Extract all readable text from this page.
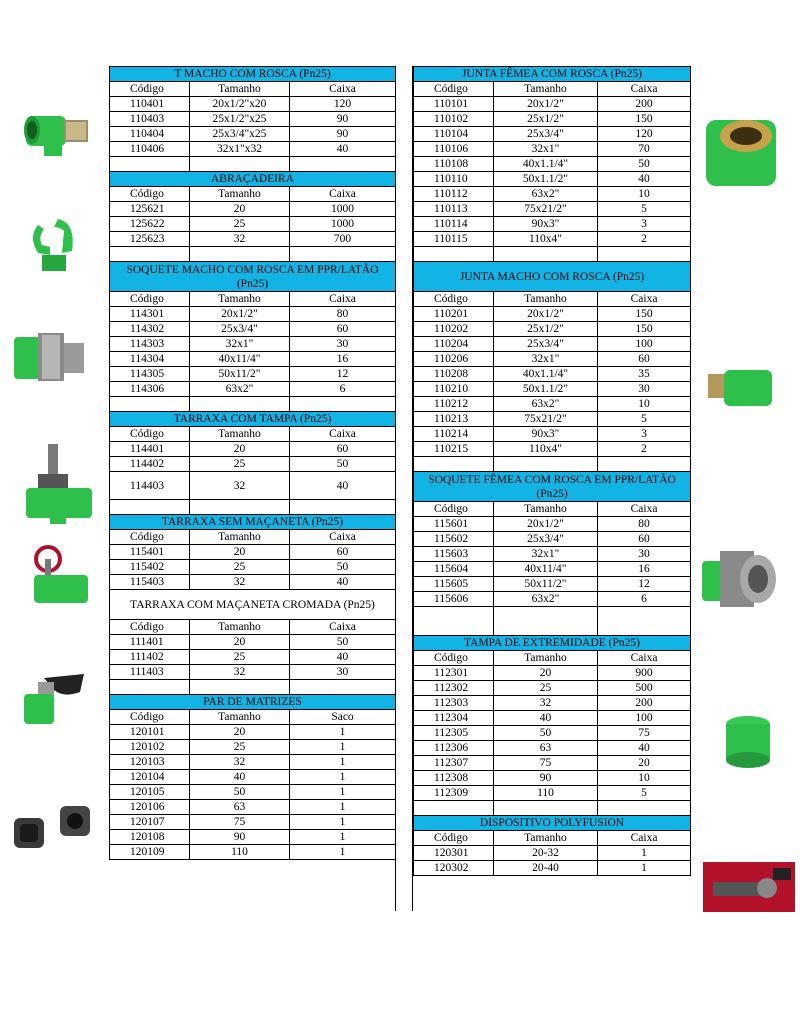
T MACHO COM ROSCA (Pn25)		
Código	Tamanho	Caixa
110401	20x1/2"x20	120
110403	25x1/2"x25	90
110404	25x3/4"x25	90
110406	32x1"x32	40

ABRAÇADEIRA		
Código	Tamanho	Caixa
125621	20	1000
125622	25	1000
125623	32	700

SOQUETE MACHO COM ROSCA EM PPR/LATÃO (Pn25)		
Código	Tamanho	Caixa
114301	20x1/2"	80
114302	25x3/4"	60
114303	32x1"	30
114304	40x11/4"	16
114305	50x11/2"	12
114306	63x2"	6

TARRAXA COM TAMPA (Pn25)		
Código	Tamanho	Caixa
114401	20	60
114402	25	50
114403	32	40

TARRAXA SEM MAÇANETA (Pn25)		
Código	Tamanho	Caixa
115401	20	60
115402	25	50
115403	32	40
TARRAXA COM MAÇANETA CROMADA (Pn25)		
Código	Tamanho	Caixa
111401	20	50
111402	25	40
111403	32	30

PAR DE MATRIZES		
Código	Tamanho	Saco
120101	20	1
120102	25	1
120103	32	1
120104	40	1
120105	50	1
120106	63	1
120107	75	1
120108	90	1
120109	110	1
JUNTA FÊMEA COM ROSCA (Pn25)		
Código	Tamanho	Caixa
110101	20x1/2"	200
110102	25x1/2"	150
110104	25x3/4"	120
110106	32x1"	70
110108	40x1.1/4"	50
110110	50x1.1/2"	40
110112	63x2"	10
110113	75x21/2"	5
110114	90x3"	3
110115	110x4"	2

JUNTA MACHO COM ROSCA (Pn25)		
Código	Tamanho	Caixa
110201	20x1/2"	150
110202	25x1/2"	150
110204	25x3/4"	100
110206	32x1"	60
110208	40x1.1/4"	35
110210	50x1.1/2"	30
110212	63x2"	10
110213	75x21/2"	5
110214	90x3"	3
110215	110x4"	2

SOQUETE FÊMEA COM ROSCA EM PPR/LATÃO (Pn25)		
Código	Tamanho	Caixa
115601	20x1/2"	80
115602	25x3/4"	60
115603	32x1"	30
115604	40x11/4"	16
115605	50x11/2"	12
115606	63x2"	6

TAMPA DE EXTREMIDADE (Pn25)		
Código	Tamanho	Caixa
112301	20	900
112302	25	500
112303	32	200
112304	40	100
112305	50	75
112306	63	40
112307	75	20
112308	90	10
112309	110	5

DISPOSITIVO POLYFUSION		
Código	Tamanho	Caixa
120301	20-32	1
120302	20-40	1
